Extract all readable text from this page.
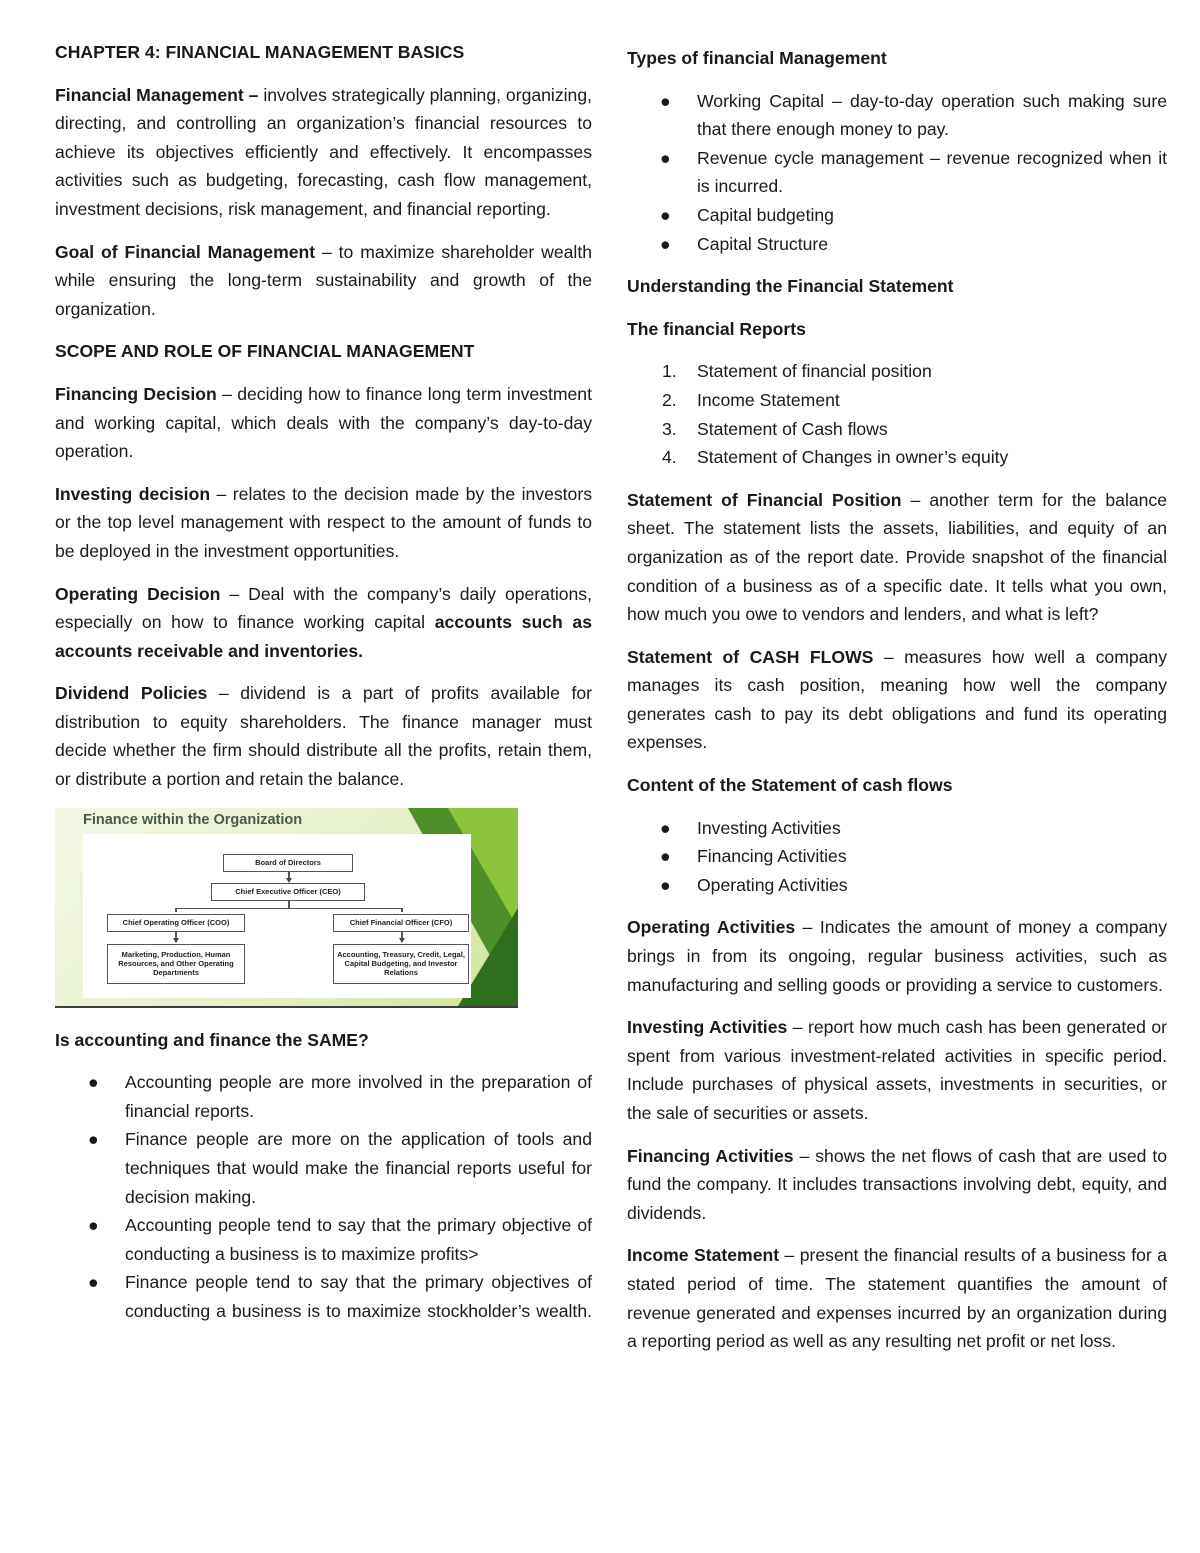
CHAPTER 4: FINANCIAL MANAGEMENT BASICS

Financial Management – involves strategically planning, organizing, directing, and controlling an organization’s financial resources to achieve its objectives efficiently and effectively. It encompasses activities such as budgeting, forecasting, cash flow management, investment decisions, risk management, and financial reporting.

Goal of Financial Management – to maximize shareholder wealth while ensuring the long-term sustainability and growth of the organization.

SCOPE AND ROLE OF FINANCIAL MANAGEMENT

Financing Decision – deciding how to finance long term investment and working capital, which deals with the company’s day-to-day operation.

Investing decision – relates to the decision made by the investors or the top level management with respect to the amount of funds to be deployed in the investment opportunities.

Operating Decision – Deal with the company’s daily operations, especially on how to finance working capital accounts such as accounts receivable and inventories.

Dividend Policies – dividend is a part of profits available for distribution to equity shareholders. The finance manager must decide whether the firm should distribute all the profits, retain them, or distribute a portion and retain the balance.

Finance within the Organization
Board of Directors
Chief Executive Officer (CEO)
Chief Operating Officer (COO)	Chief Financial Officer (CFO)
Marketing, Production, Human Resources, and Other Operating Departments
Accounting, Treasury, Credit, Legal, Capital Budgeting, and Investor Relations
Is accounting and finance the SAME?
● Accounting people are more involved in the preparation of financial reports.
● Finance people are more on the application of tools and techniques that would make the financial reports useful for decision making.
● Accounting people tend to say that the primary objective of conducting a business is to maximize profits>
● Finance people tend to say that the primary objectives of conducting a business is to maximize stockholder’s wealth.
Types of financial Management
● Working Capital – day-to-day operation such making sure that there enough money to pay.
● Revenue cycle management – revenue recognized when it is incurred.
● Capital budgeting
● Capital Structure
Understanding the Financial Statement
The financial Reports
1. Statement of financial position
2. Income Statement
3. Statement of Cash flows
4. Statement of Changes in owner’s equity

Statement of Financial Position – another term for the balance sheet. The statement lists the assets, liabilities, and equity of an organization as of the report date. Provide snapshot of the financial condition of a business as of a specific date. It tells what you own, how much you owe to vendors and lenders, and what is left?

Statement of CASH FLOWS – measures how well a company manages its cash position, meaning how well the company generates cash to pay its debt obligations and fund its operating expenses.

Content of the Statement of cash flows
● Investing Activities
● Financing Activities
● Operating Activities

Operating Activities – Indicates the amount of money a company brings in from its ongoing, regular business activities, such as manufacturing and selling goods or providing a service to customers.

Investing Activities – report how much cash has been generated or spent from various investment-related activities in specific period. Include purchases of physical assets, investments in securities, or the sale of securities or assets.

Financing Activities – shows the net flows of cash that are used to fund the company. It includes transactions involving debt, equity, and dividends.

Income Statement – present the financial results of a business for a stated period of time. The statement quantifies the amount of revenue generated and expenses incurred by an organization during a reporting period as well as any resulting net profit or net loss.
